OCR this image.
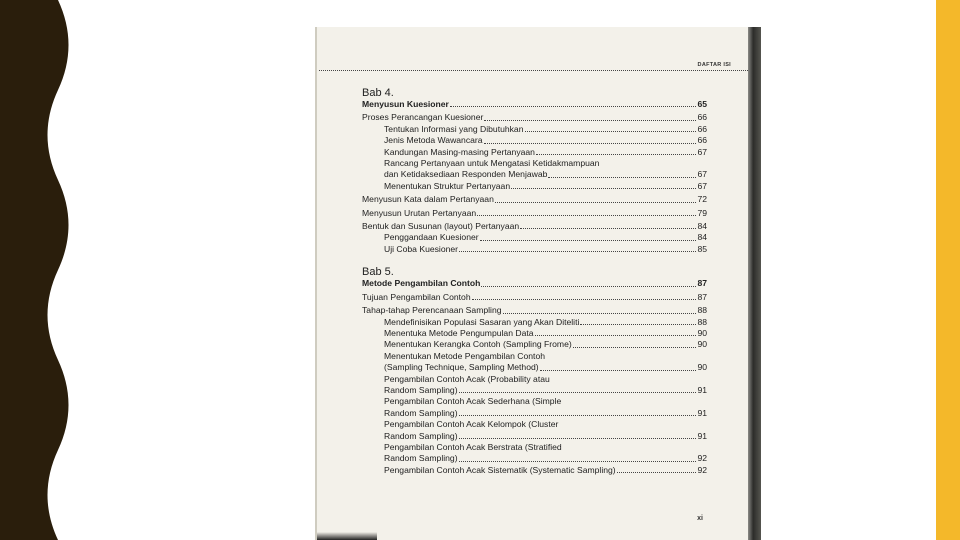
DAFTAR ISI
Bab 4.
Menyusun Kuesioner	65
Proses Perancangan Kuesioner	66
Tentukan Informasi yang Dibutuhkan	66
Jenis Metoda Wawancara	66
Kandungan Masing-masing Pertanyaan	67
Rancang Pertanyaan untuk Mengatasi Ketidakmampuan
dan Ketidaksediaan Responden Menjawab	67
Menentukan Struktur Pertanyaan	67
Menyusun Kata dalam Pertanyaan	72
Menyusun Urutan Pertanyaan	79
Bentuk dan Susunan (layout) Pertanyaan	84
Penggandaan Kuesioner	84
Uji Coba Kuesioner	85
Bab 5.
Metode Pengambilan Contoh	87
Tujuan Pengambilan Contoh	87
Tahap-tahap Perencanaan Sampling	88
Mendefinisikan Populasi Sasaran yang Akan Diteliti	88
Menentuka Metode Pengumpulan Data	90
Menentukan Kerangka Contoh (Sampling Frome)	90
Menentukan Metode Pengambilan Contoh
(Sampling Technique, Sampling Method)	90
Pengambilan Contoh Acak (Probability atau
Random Sampling)	91
Pengambilan Contoh Acak Sederhana (Simple
Random Sampling)	91
Pengambilan Contoh Acak Kelompok (Cluster
Random Sampling)	91
Pengambilan Contoh Acak Berstrata (Stratified
Random Sampling)	92
Pengambilan Contoh Acak Sistematik (Systematic Sampling)	92
xi
